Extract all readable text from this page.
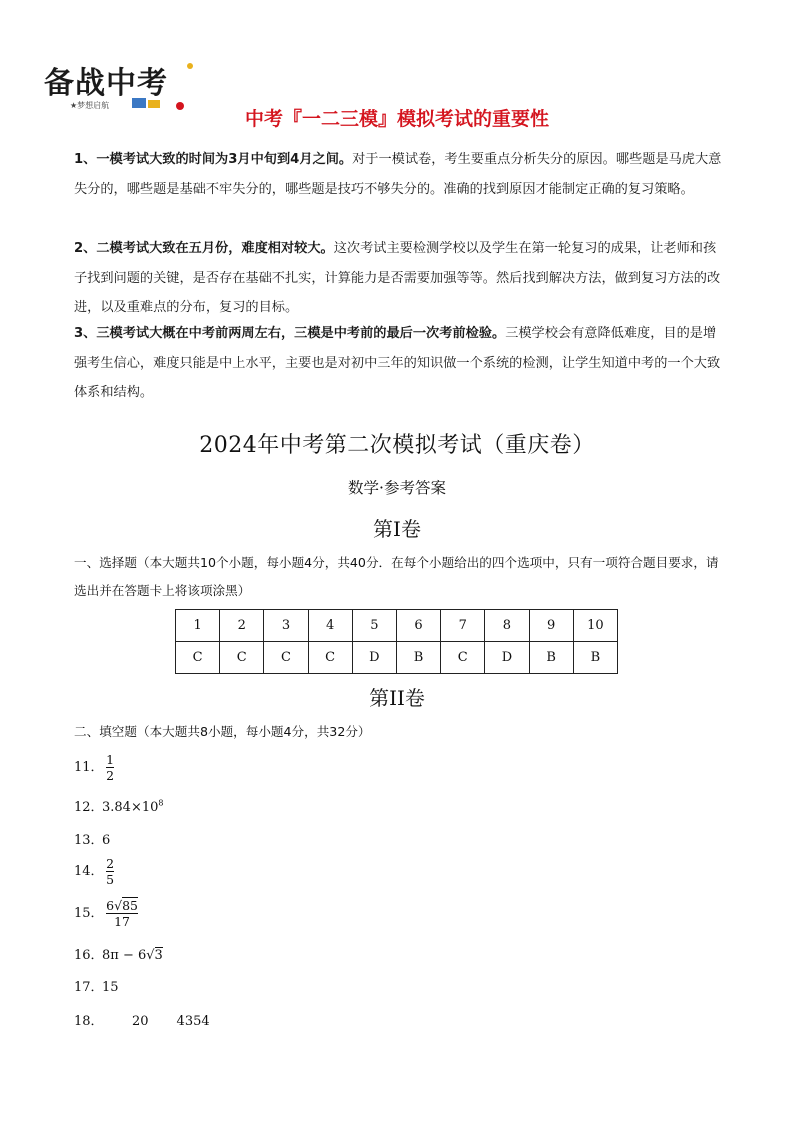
备战中考
★梦想启航
中考『一二三模』模拟考试的重要性
1、一模考试大致的时间为3月中旬到4月之间。对于一模试卷，考生要重点分析失分的原因。哪些题是马虎大意失分的，哪些题是基础不牢失分的，哪些题是技巧不够失分的。准确的找到原因才能制定正确的复习策略。
2、二模考试大致在五月份，难度相对较大。这次考试主要检测学校以及学生在第一轮复习的成果，让老师和孩子找到问题的关键，是否存在基础不扎实，计算能力是否需要加强等等。然后找到解决方法，做到复习方法的改进，以及重难点的分布，复习的目标。
3、三模考试大概在中考前两周左右，三模是中考前的最后一次考前检验。三模学校会有意降低难度，目的是增强考生信心，难度只能是中上水平，主要也是对初中三年的知识做一个系统的检测，让学生知道中考的一个大致体系和结构。
2024年中考第二次模拟考试（重庆卷）
数学·参考答案
第Ⅰ卷
一、选择题（本大题共10个小题，每小题4分，共40分．在每个小题给出的四个选项中，只有一项符合题目要求，请选出并在答题卡上将该项涂黑）
1	2	3	4	5	6	7	8	9	10
C	C	C	C	D	B	C	D	B	B
第II卷
二、填空题（本大题共8小题，每小题4分，共32分）
11． $\frac{1}{2}$
12．$3.84\times 10^8$
13．6
14． $\frac{2}{5}$
15． $\frac{6√85}{17}$
16．8π − 6√3
17．15
18． 20 4354
